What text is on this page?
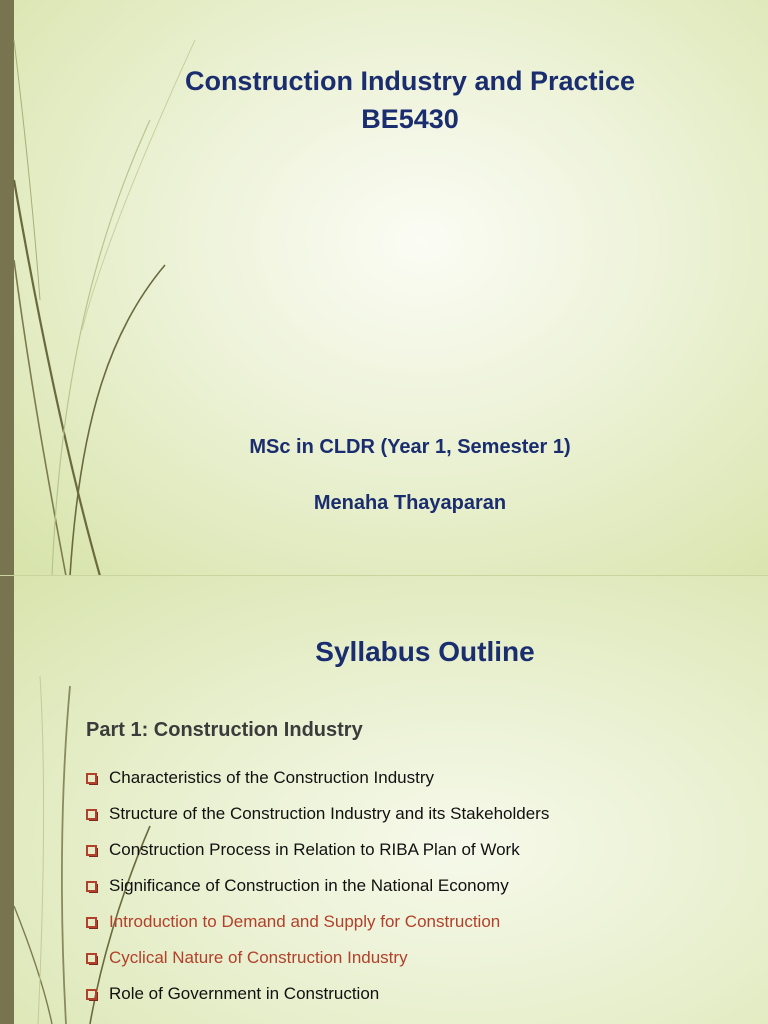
Construction Industry and Practice
BE5430
MSc in CLDR (Year 1, Semester 1)
Menaha Thayaparan
Syllabus Outline
Part 1: Construction Industry
Characteristics of the Construction Industry
Structure of the Construction Industry and its Stakeholders
Construction Process in Relation to RIBA Plan of Work
Significance of Construction in the National Economy
Introduction to Demand and Supply for Construction
Cyclical Nature of Construction Industry
Role of Government in Construction
